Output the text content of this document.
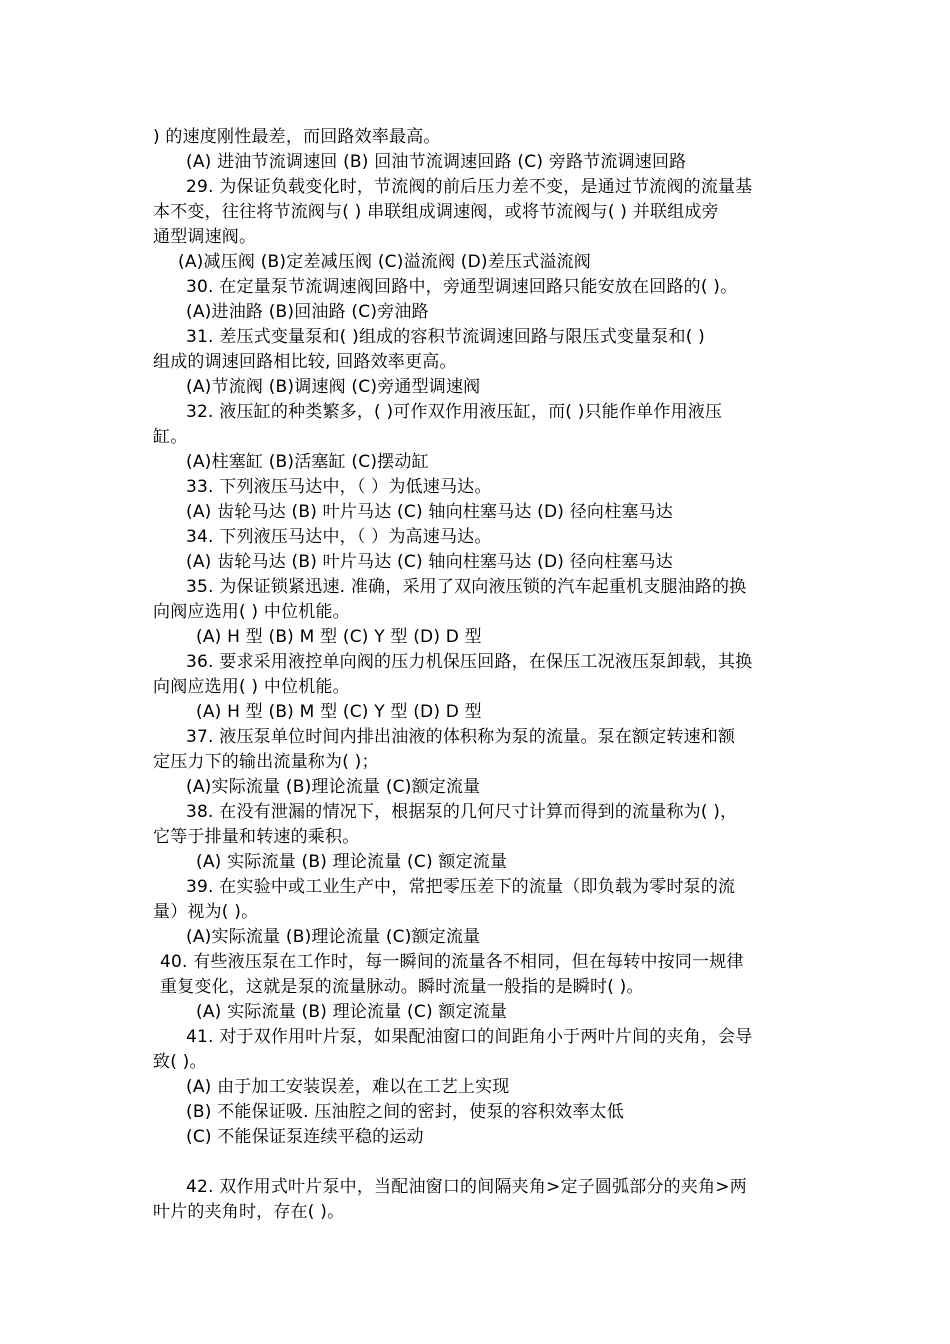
) 的速度刚性最差，而回路效率最高。
(A) 进油节流调速回 (B) 回油节流调速回路 (C) 旁路节流调速回路
29. 为保证负载变化时，节流阀的前后压力差不变，是通过节流阀的流量基
本不变，往往将节流阀与( ) 串联组成调速阀，或将节流阀与( ) 并联组成旁
通型调速阀。
(A)减压阀 (B)定差减压阀 (C)溢流阀 (D)差压式溢流阀
30. 在定量泵节流调速阀回路中，旁通型调速回路只能安放在回路的( )。
(A)进油路 (B)回油路 (C)旁油路
31. 差压式变量泵和( )组成的容积节流调速回路与限压式变量泵和( )
组成的调速回路相比较, 回路效率更高。
(A)节流阀 (B)调速阀 (C)旁通型调速阀
32. 液压缸的种类繁多，( )可作双作用液压缸，而( )只能作单作用液压
缸。
(A)柱塞缸 (B)活塞缸 (C)摆动缸
33. 下列液压马达中，（ ）为低速马达。
(A) 齿轮马达 (B) 叶片马达 (C) 轴向柱塞马达 (D) 径向柱塞马达
34. 下列液压马达中，（ ）为高速马达。
(A) 齿轮马达 (B) 叶片马达 (C) 轴向柱塞马达 (D) 径向柱塞马达
35. 为保证锁紧迅速. 准确，采用了双向液压锁的汽车起重机支腿油路的换
向阀应选用( ) 中位机能。
(A) H 型 (B) M 型 (C) Y 型 (D) D 型
36. 要求采用液控单向阀的压力机保压回路，在保压工况液压泵卸载，其换
向阀应选用( ) 中位机能。
(A) H 型 (B) M 型 (C) Y 型 (D) D 型
37. 液压泵单位时间内排出油液的体积称为泵的流量。泵在额定转速和额
定压力下的输出流量称为( )；
(A)实际流量 (B)理论流量 (C)额定流量
38. 在没有泄漏的情况下，根据泵的几何尺寸计算而得到的流量称为( )，
它等于排量和转速的乘积。
(A) 实际流量 (B) 理论流量 (C) 额定流量
39. 在实验中或工业生产中，常把零压差下的流量（即负载为零时泵的流
量）视为( )。
(A)实际流量 (B)理论流量 (C)额定流量
40. 有些液压泵在工作时，每一瞬间的流量各不相同，但在每转中按同一规律
重复变化，这就是泵的流量脉动。瞬时流量一般指的是瞬时( )。
(A) 实际流量 (B) 理论流量 (C) 额定流量
41. 对于双作用叶片泵，如果配油窗口的间距角小于两叶片间的夹角，会导
致( )。
(A) 由于加工安装误差，难以在工艺上实现
(B) 不能保证吸. 压油腔之间的密封，使泵的容积效率太低
(C) 不能保证泵连续平稳的运动
42. 双作用式叶片泵中，当配油窗口的间隔夹角>定子圆弧部分的夹角>两
叶片的夹角时，存在( )。
